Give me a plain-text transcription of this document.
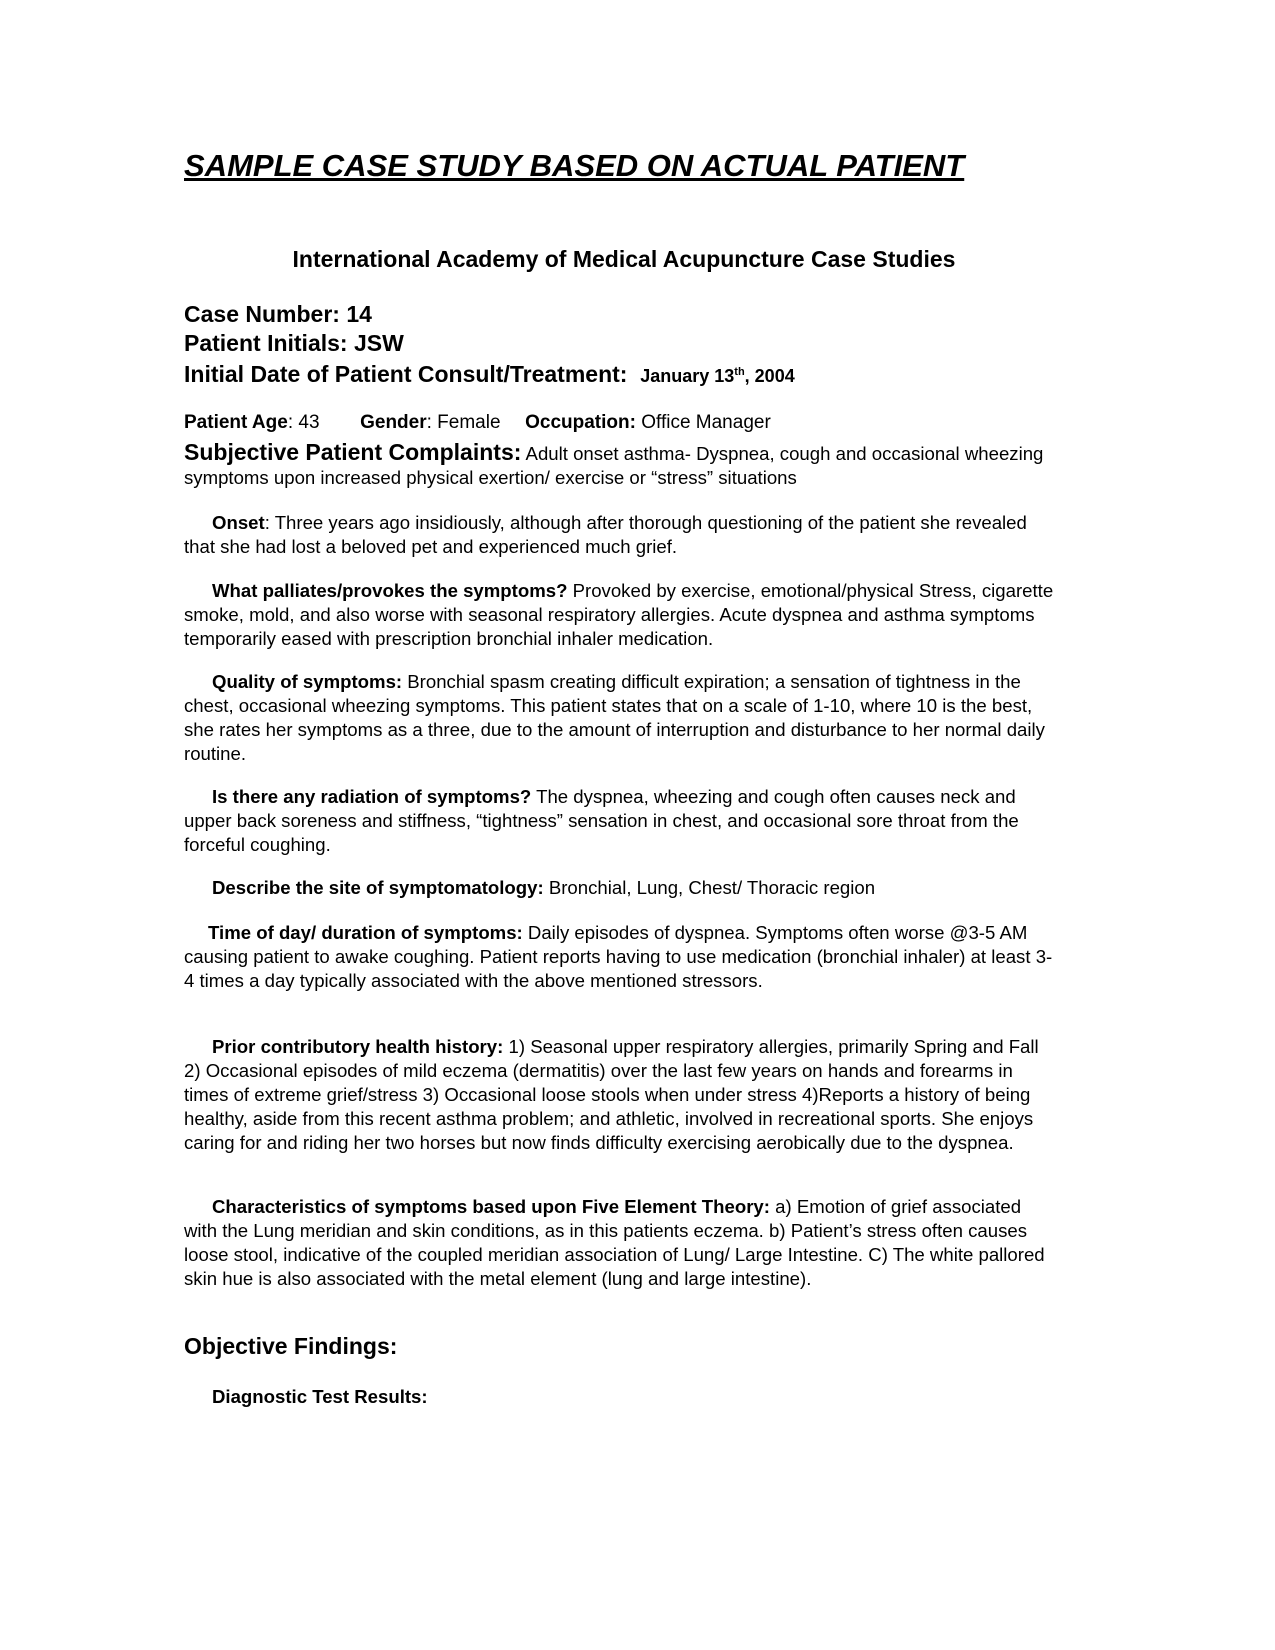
SAMPLE CASE STUDY BASED ON ACTUAL PATIENT
International Academy of Medical Acupuncture Case Studies
Case Number: 14
Patient Initials: JSW
Initial Date of Patient Consult/Treatment: January 13th, 2004
Patient Age: 43 Gender: Female Occupation: Office Manager

Subjective Patient Complaints: Adult onset asthma- Dyspnea, cough and occasional wheezing symptoms upon increased physical exertion/ exercise or “stress” situations

Onset: Three years ago insidiously, although after thorough questioning of the patient she revealed that she had lost a beloved pet and experienced much grief.

What palliates/provokes the symptoms? Provoked by exercise, emotional/physical Stress, cigarette smoke, mold, and also worse with seasonal respiratory allergies. Acute dyspnea and asthma symptoms temporarily eased with prescription bronchial inhaler medication.

Quality of symptoms: Bronchial spasm creating difficult expiration; a sensation of tightness in the chest, occasional wheezing symptoms. This patient states that on a scale of 1-10, where 10 is the best, she rates her symptoms as a three, due to the amount of interruption and disturbance to her normal daily routine.

Is there any radiation of symptoms? The dyspnea, wheezing and cough often causes neck and upper back soreness and stiffness, “tightness” sensation in chest, and occasional sore throat from the forceful coughing.

Describe the site of symptomatology: Bronchial, Lung, Chest/ Thoracic region

Time of day/ duration of symptoms: Daily episodes of dyspnea. Symptoms often worse @3-5 AM causing patient to awake coughing. Patient reports having to use medication (bronchial inhaler) at least 3-4 times a day typically associated with the above mentioned stressors.

Prior contributory health history: 1) Seasonal upper respiratory allergies, primarily Spring and Fall 2) Occasional episodes of mild eczema (dermatitis) over the last few years on hands and forearms in times of extreme grief/stress 3) Occasional loose stools when under stress 4)Reports a history of being healthy, aside from this recent asthma problem; and athletic, involved in recreational sports. She enjoys caring for and riding her two horses but now finds difficulty exercising aerobically due to the dyspnea.

Characteristics of symptoms based upon Five Element Theory: a) Emotion of grief associated with the Lung meridian and skin conditions, as in this patients eczema. b) Patient’s stress often causes loose stool, indicative of the coupled meridian association of Lung/ Large Intestine. C) The white pallored skin hue is also associated with the metal element (lung and large intestine).

Objective Findings:
Diagnostic Test Results:
